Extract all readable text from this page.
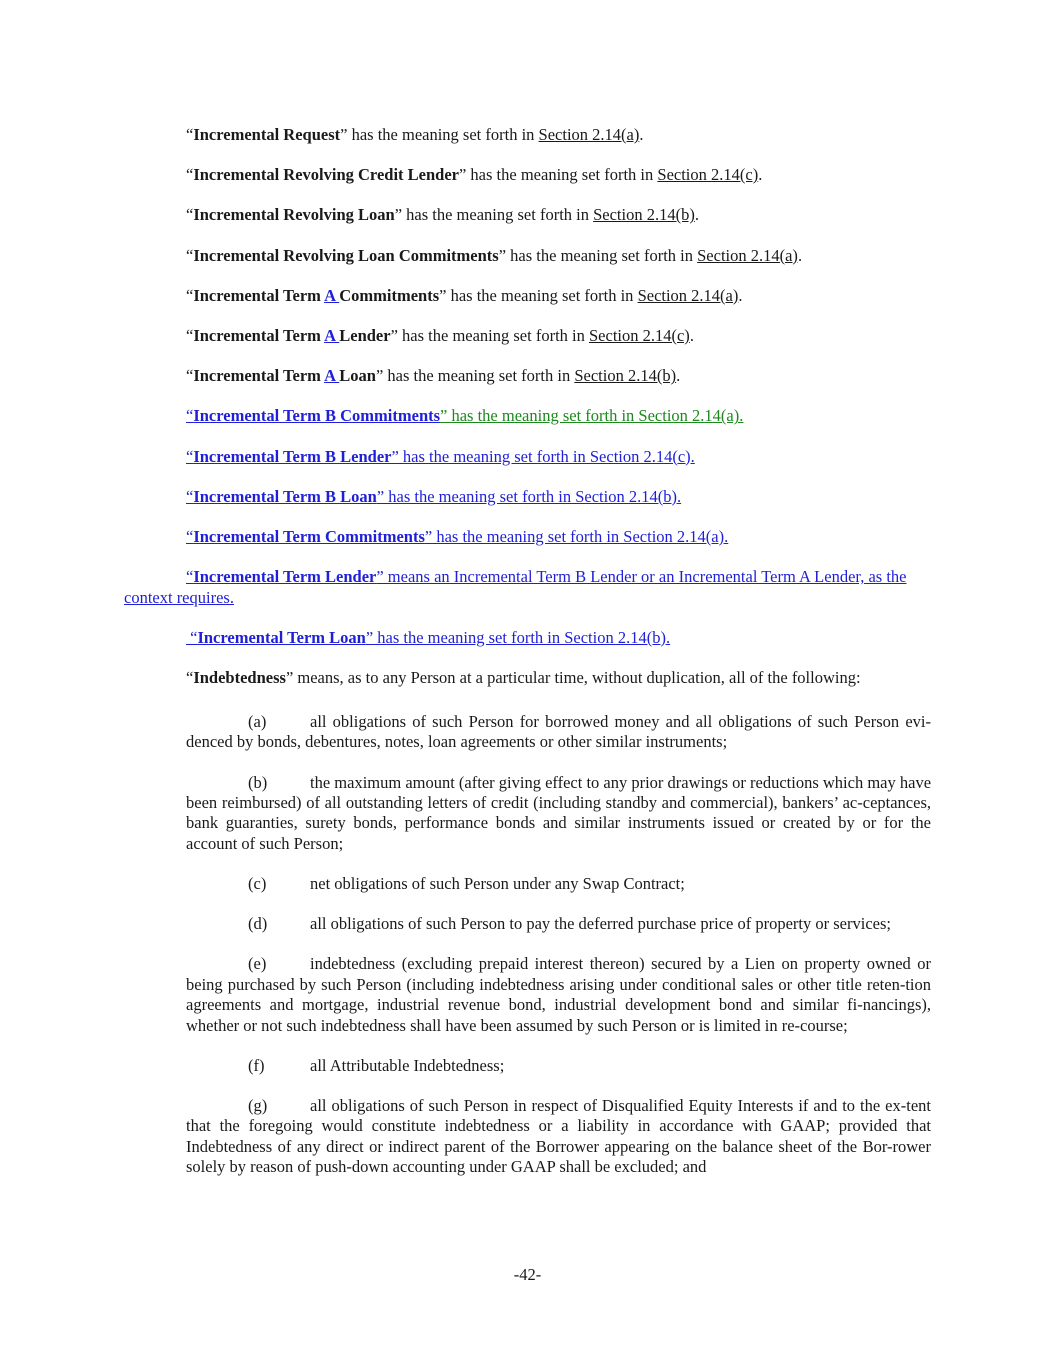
“Incremental Request” has the meaning set forth in Section 2.14(a).

“Incremental Revolving Credit Lender” has the meaning set forth in Section 2.14(c).

“Incremental Revolving Loan” has the meaning set forth in Section 2.14(b).

“Incremental Revolving Loan Commitments” has the meaning set forth in Section 2.14(a).

“Incremental Term A Commitments” has the meaning set forth in Section 2.14(a).

“Incremental Term A Lender” has the meaning set forth in Section 2.14(c).

“Incremental Term A Loan” has the meaning set forth in Section 2.14(b).

“Incremental Term B Commitments” has the meaning set forth in Section 2.14(a).

“Incremental Term B Lender” has the meaning set forth in Section 2.14(c).

“Incremental Term B Loan” has the meaning set forth in Section 2.14(b).

“Incremental Term Commitments” has the meaning set forth in Section 2.14(a).

“Incremental Term Lender” means an Incremental Term B Lender or an Incremental Term A Lender, as the context requires.

“Incremental Term Loan” has the meaning set forth in Section 2.14(b).

“Indebtedness” means, as to any Person at a particular time, without duplication, all of the following:

(a)	all obligations of such Person for borrowed money and all obligations of such Person evi-denced by bonds, debentures, notes, loan agreements or other similar instruments;

(b)	the maximum amount (after giving effect to any prior drawings or reductions which may have been reimbursed) of all outstanding letters of credit (including standby and commercial), bankers’ ac-ceptances, bank guaranties, surety bonds, performance bonds and similar instruments issued or created by or for the account of such Person;

(c)	net obligations of such Person under any Swap Contract;

(d)	all obligations of such Person to pay the deferred purchase price of property or services;

(e)	indebtedness (excluding prepaid interest thereon) secured by a Lien on property owned or being purchased by such Person (including indebtedness arising under conditional sales or other title reten-tion agreements and mortgage, industrial revenue bond, industrial development bond and similar fi-nancings), whether or not such indebtedness shall have been assumed by such Person or is limited in re-course;

(f)	all Attributable Indebtedness;

(g)	all obligations of such Person in respect of Disqualified Equity Interests if and to the ex-tent that the foregoing would constitute indebtedness or a liability in accordance with GAAP; provided that Indebtedness of any direct or indirect parent of the Borrower appearing on the balance sheet of the Bor-rower solely by reason of push-down accounting under GAAP shall be excluded; and

-42-
